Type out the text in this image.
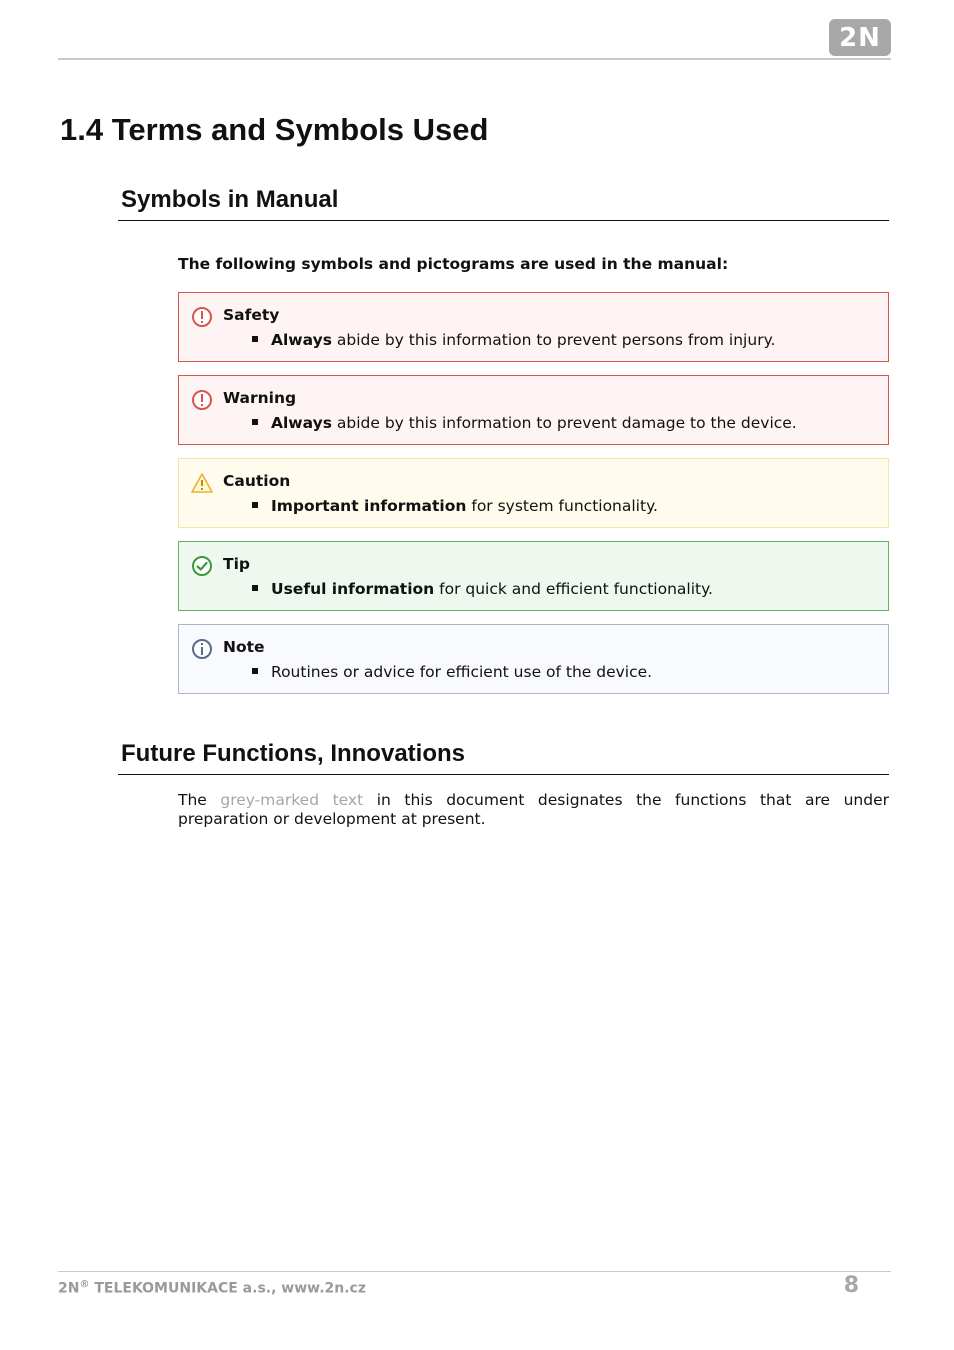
2N
1.4 Terms and Symbols Used
Symbols in Manual

The following symbols and pictograms are used in the manual:

Safety
Always abide by this information to prevent persons from injury.
Warning
Always abide by this information to prevent damage to the device.
Caution
Important information for system functionality.
Tip
Useful information for quick and efficient functionality.
Note
Routines or advice for efficient use of the device.
Future Functions, Innovations

The grey-marked text in this document designates the functions that are under preparation or development at present.

2N® TELEKOMUNIKACE a.s., www.2n.cz	8
